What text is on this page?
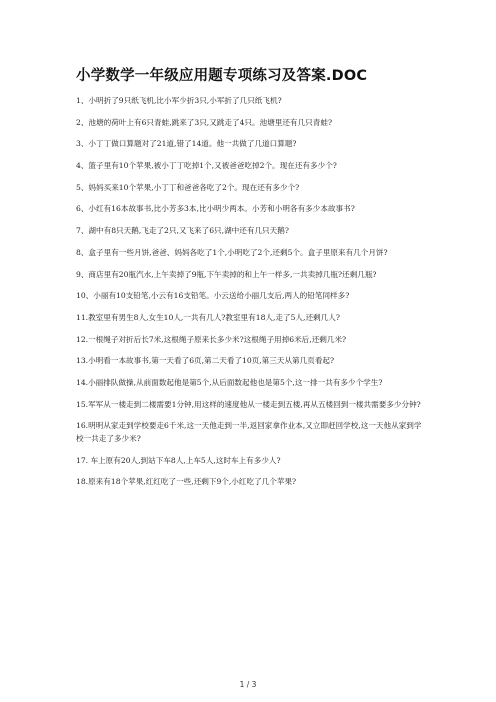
小学数学一年级应用题专项练习及答案.DOC

1、小明折了9只纸飞机,比小军少折3只,小军折了几只纸飞机?

2、池塘的荷叶上有6只青蛙,跳来了3只,又跳走了4只。池塘里还有几只青蛙?

3、小丁丁做口算题对了21道,错了14道。他一共做了几道口算题?

4、篮子里有10个苹果,被小丁丁吃掉1个,又被爸爸吃掉2个。现在还有多少个?

5、妈妈买来10个苹果,小丁丁和爸爸各吃了2个。现在还有多少个?

6、小红有16本故事书,比小芳多3本,比小明少两本。小芳和小明各有多少本故事书?

7、湖中有8只天鹅,飞走了2只,又飞来了6只,湖中还有几只天鹅?

8、盒子里有一些月饼,爸爸、妈妈各吃了1个,小明吃了2个,还剩5个。盒子里原来有几个月饼?

9、商店里有20瓶汽水,上午卖掉了9瓶,下午卖掉的和上午一样多,一共卖掉几瓶?还剩几瓶?

10、小丽有10支铅笔,小云有16支铅笔。小云送给小丽几支后,两人的铅笔同样多?

11.教室里有男生8人,女生10人,一共有几人?教室里有18人,走了5人,还剩几人?

12.一根绳子对折后长7米,这根绳子原来长多少米?这根绳子用掉6米后,还剩几米?

13.小明看一本故事书,第一天看了6页,第二天看了10页,第三天从第几页看起?

14.小丽排队做操,从前面数起他是第5个,从后面数起他也是第5个,这一排一共有多少个学生?

15.军军从一楼走到二楼需要1分钟,用这样的速度他从一楼走到五楼,再从五楼回到一楼共需要多少分钟?

16.明明从家走到学校要走6千米,这一天他走到一半,返回家拿作业本,又立即赶回学校,这一天他从家到学校一共走了多少米?

17. 车上原有20人,到站下车8人,上车5人,这时车上有多少人?

18.原来有18个苹果,红红吃了一些,还剩下9个,小红吃了几个苹果?

1 / 3
